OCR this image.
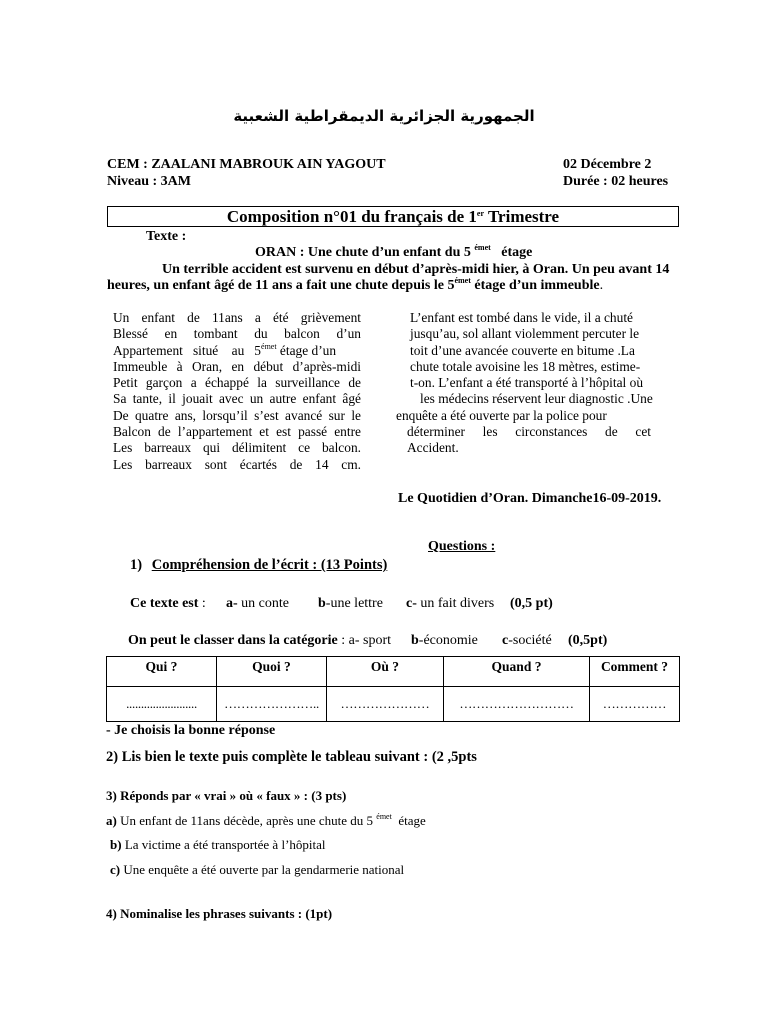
الجمهورية الجزائرية الديمقراطية الشعبية
CEM : ZAALANI MABROUK AIN YAGOUT
Niveau : 3AM
02 Décembre 2
Durée : 02 heures
Composition n°01 du français de 1er Trimestre
Texte :
ORAN : Une chute d’un enfant du 5 $^{émet}$   étage
Un terrible accident est survenu en début d’après-midi hier, à Oran. Un peu avant 14
heures, un enfant âgé de 11 ans a fait une chute depuis le $5^{émet}$ étage d’un immeuble.
Un enfant de 11ans a été grièvement
Blessé en tombant du balcon d’un
Appartement   situé    au   $5^{émet}$ étage d’un
Immeuble à Oran, en début d’après-midi
Petit garçon a échappé la surveillance de
Sa tante, il jouait avec un autre enfant âgé
De quatre ans, lorsqu’il s’est avancé sur le
Balcon de l’appartement et est passé entre
Les barreaux qui délimitent ce balcon.
Les barreaux sont écartés de 14 cm.
L’enfant est tombé dans le vide, il a chuté
jusqu’au, sol allant violemment percuter le
toit d’une avancée couverte en bitume .La
chute totale avoisine les 18 mètres, estime-
t-on. L’enfant a été transporté à l’hôpital où
les médecins réservent leur diagnostic .Une
enquête a été ouverte par la police pour
déterminer les circonstances de cet
Accident.
Le Quotidien d’Oran. Dimanche16-09-2019.
Questions :
1) Compréhension de l’écrit : (13 Points)
Ce texte est : a- un conte b-une lettre c- un fait divers (0,5 pt)
On peut le classer dans la catégorie : a- sport b-économie c-société (0,5pt)
Qui ?	Quoi ?	Où ?	Quand ?	Comment ?
........................	…………………..	…………………	………………………	……………
- Je choisis la bonne réponse
2) Lis bien le texte puis complète le tableau suivant : (2 ,5pts
3) Réponds par « vrai » où « faux » : (3 pts)
a) Un enfant de 11ans décède, après une chute du 5 $^{émet}$  étage
b) La victime a été transportée à l’hôpital
c) Une enquête a été ouverte par la gendarmerie national
4) Nominalise les phrases suivants : (1pt)
